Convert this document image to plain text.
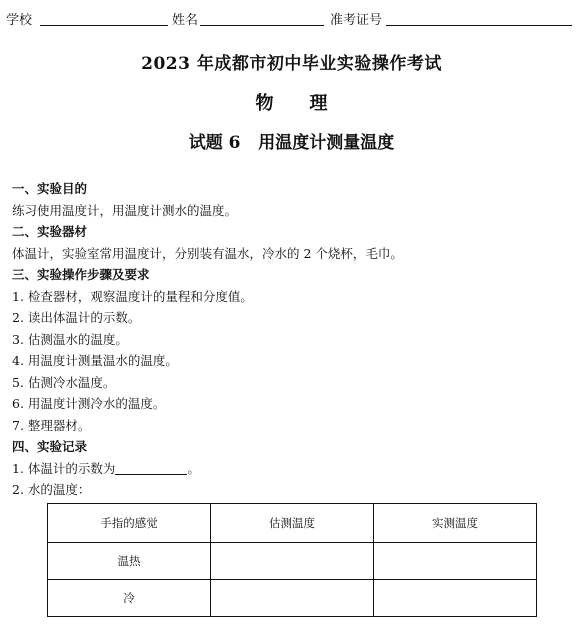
学校	姓名	准考证号
2023 年成都市初中毕业实验操作考试
物理
试题 6   用温度计测量温度

一、实验目的

练习使用温度计，用温度计测水的温度。

二、实验器材

体温计，实验室常用温度计，分别装有温水，冷水的 2 个烧杯，毛巾。

三、实验操作步骤及要求

1. 检查器材，观察温度计的量程和分度值。

2. 读出体温计的示数。

3. 估测温水的温度。

4. 用温度计测量温水的温度。

5. 估测冷水温度。

6. 用温度计测冷水的温度。

7. 整理器材。

四、实验记录

1. 体温计的示数为	。

2. 水的温度：

手指的感觉	估测温度	实测温度
温热		
冷		
